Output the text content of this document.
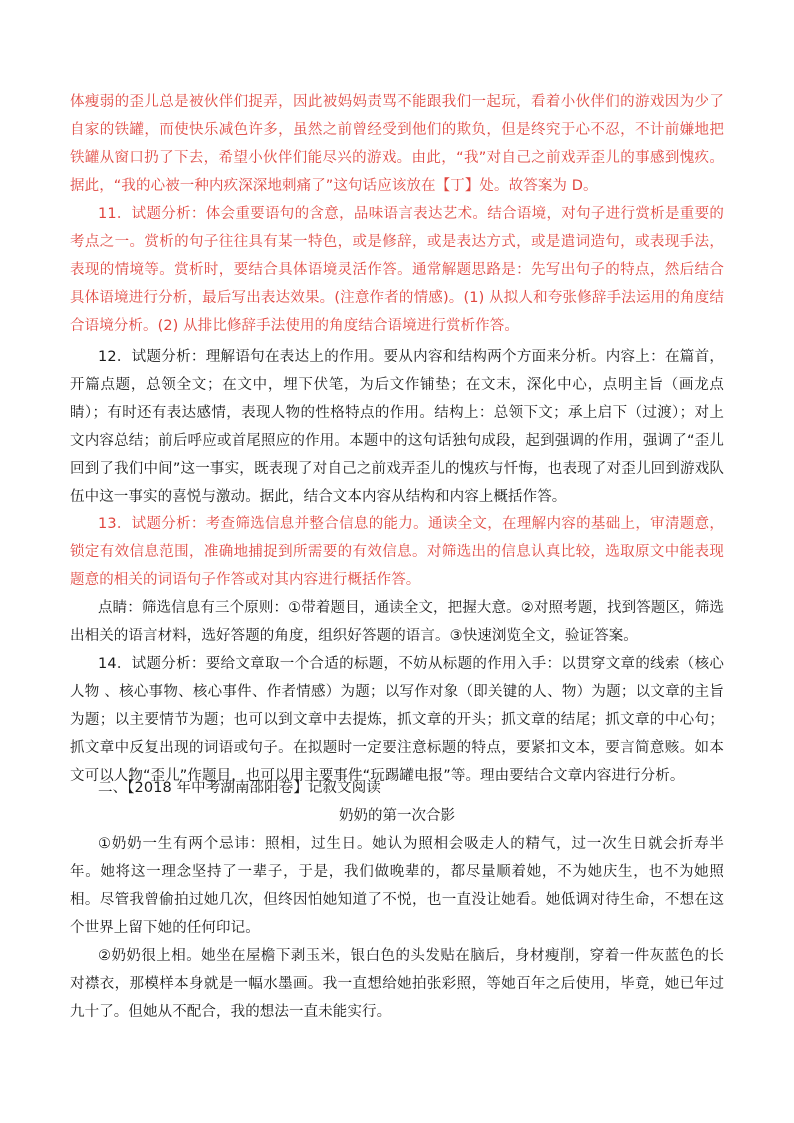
体瘦弱的歪儿总是被伙伴们捉弄，因此被妈妈责骂不能跟我们一起玩，看着小伙伴们的游戏因为少了自家的铁罐，而使快乐减色许多，虽然之前曾经受到他们的欺负，但是终究于心不忍，不计前嫌地把铁罐从窗口扔了下去，希望小伙伴们能尽兴的游戏。由此，“我”对自己之前戏弄歪儿的事感到愧疚。据此，“我的心被一种内疚深深地刺痛了”这句话应该放在【丁】处。故答案为 D。

11．试题分析：体会重要语句的含意，品味语言表达艺术。结合语境，对句子进行赏析是重要的考点之一。赏析的句子往往具有某一特色，或是修辞，或是表达方式，或是遣词造句，或表现手法，表现的情境等。赏析时，要结合具体语境灵活作答。通常解题思路是：先写出句子的特点，然后结合具体语境进行分析，最后写出表达效果。(注意作者的情感)。(1) 从拟人和夸张修辞手法运用的角度结合语境分析。(2) 从排比修辞手法使用的角度结合语境进行赏析作答。

12．试题分析：理解语句在表达上的作用。要从内容和结构两个方面来分析。内容上：在篇首，开篇点题，总领全文；在文中，埋下伏笔，为后文作铺垫；在文末，深化中心，点明主旨（画龙点睛）；有时还有表达感情，表现人物的性格特点的作用。结构上：总领下文；承上启下（过渡）；对上文内容总结；前后呼应或首尾照应的作用。本题中的这句话独句成段，起到强调的作用，强调了“歪儿回到了我们中间”这一事实，既表现了对自己之前戏弄歪儿的愧疚与忏悔，也表现了对歪儿回到游戏队伍中这一事实的喜悦与激动。据此，结合文本内容从结构和内容上概括作答。

13．试题分析：考查筛选信息并整合信息的能力。通读全文，在理解内容的基础上，审清题意，锁定有效信息范围，准确地捕捉到所需要的有效信息。对筛选出的信息认真比较，选取原文中能表现题意的相关的词语句子作答或对其内容进行概括作答。

点睛：筛选信息有三个原则：①带着题目，通读全文，把握大意。②对照考题，找到答题区，筛选出相关的语言材料，选好答题的角度，组织好答题的语言。③快速浏览全文，验证答案。

14．试题分析：要给文章取一个合适的标题，不妨从标题的作用入手：以贯穿文章的线索（核心人物 、核心事物、核心事件、作者情感）为题；以写作对象（即关键的人、物）为题；以文章的主旨为题；以主要情节为题；也可以到文章中去提炼，抓文章的开头；抓文章的结尾；抓文章的中心句；抓文章中反复出现的词语或句子。在拟题时一定要注意标题的特点，要紧扣文本，要言简意赅。如本文可以人物“歪儿”作题目，也可以用主要事件“玩踢罐电报”等。理由要结合文章内容进行分析。

二、【2018 年中考湖南邵阳卷】记叙文阅读

奶奶的第一次合影

①奶奶一生有两个忌讳：照相，过生日。她认为照相会吸走人的精气，过一次生日就会折寿半年。她将这一理念坚持了一辈子，于是，我们做晚辈的，都尽量顺着她，不为她庆生，也不为她照相。尽管我曾偷拍过她几次，但终因怕她知道了不悦，也一直没让她看。她低调对待生命，不想在这个世界上留下她的任何印记。

②奶奶很上相。她坐在屋檐下剥玉米，银白色的头发贴在脑后，身材瘦削，穿着一件灰蓝色的长对襟衣，那模样本身就是一幅水墨画。我一直想给她拍张彩照，等她百年之后使用，毕竟，她已年过九十了。但她从不配合，我的想法一直未能实行。
